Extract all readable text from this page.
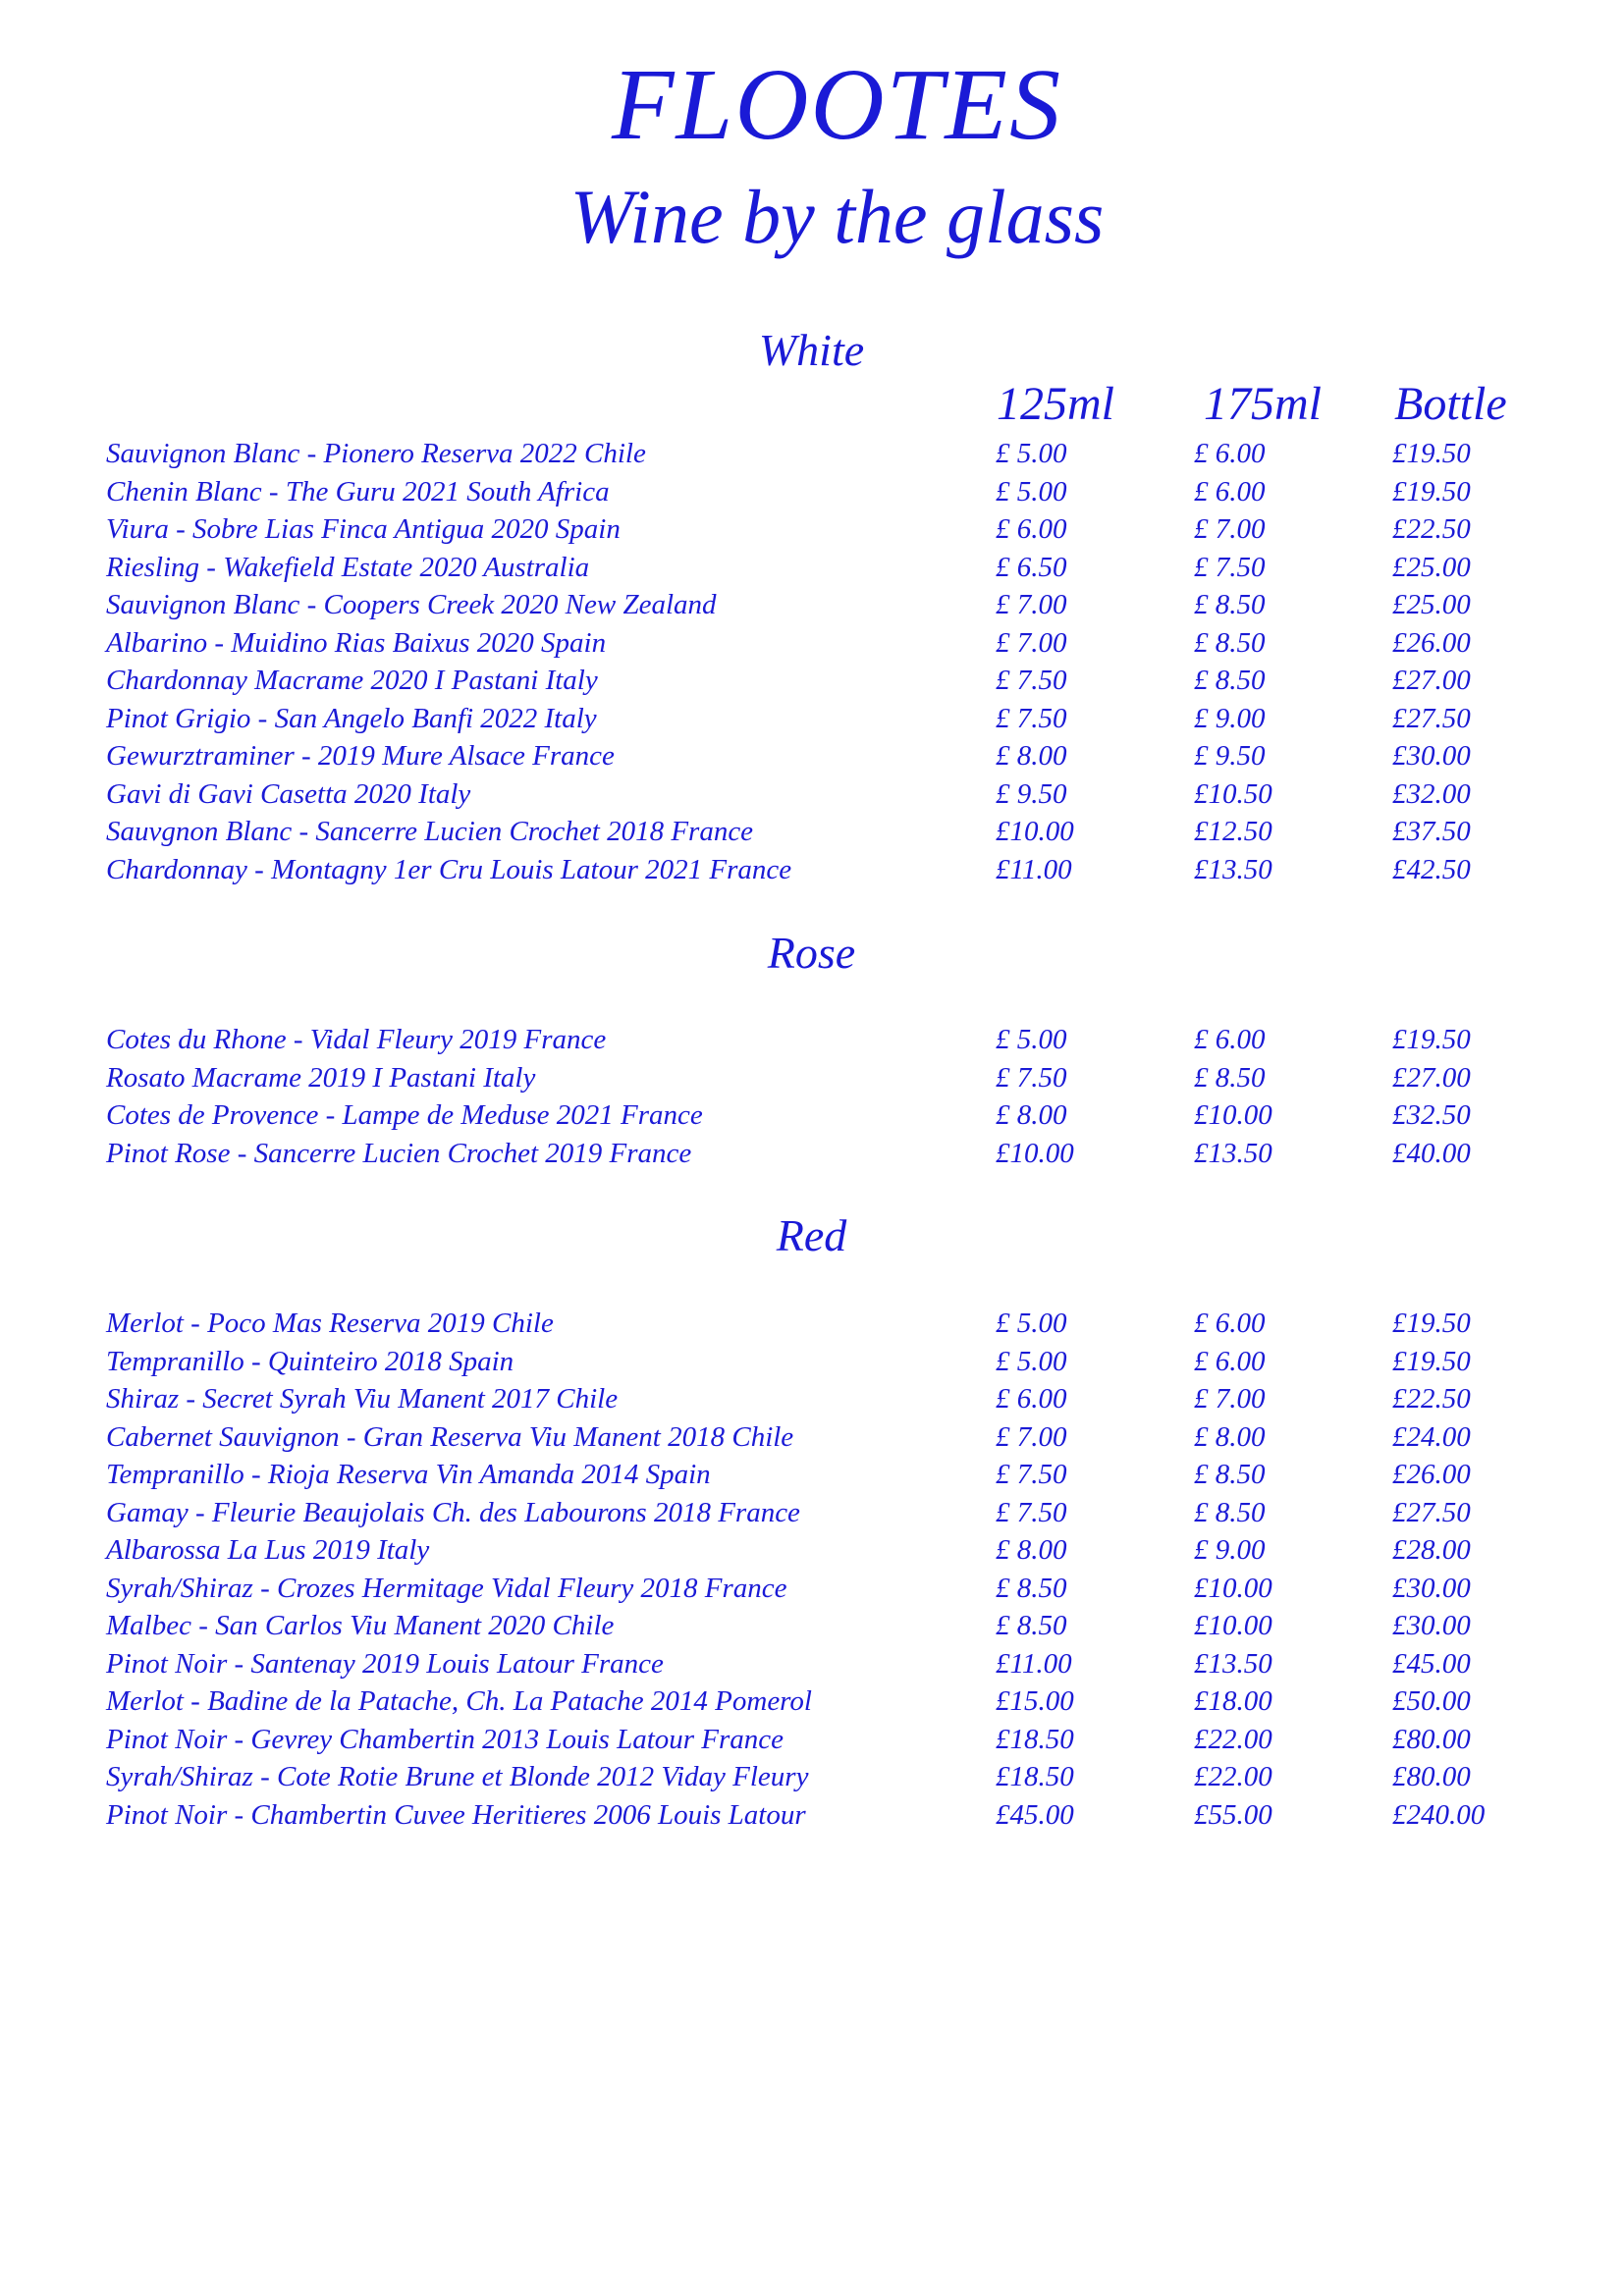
FLOOTES
Wine by the glass
White
125ml 175ml Bottle
Sauvignon Blanc - Pionero Reserva 2022 Chile	£ 5.00	£ 6.00	£19.50
Chenin Blanc - The Guru 2021 South Africa	£ 5.00	£ 6.00	£19.50
Viura - Sobre Lias Finca Antigua 2020 Spain	£ 6.00	£ 7.00	£22.50
Riesling - Wakefield Estate 2020 Australia	£ 6.50	£ 7.50	£25.00
Sauvignon Blanc - Coopers Creek 2020 New Zealand	£ 7.00	£ 8.50	£25.00
Albarino - Muidino Rias Baixus 2020 Spain	£ 7.00	£ 8.50	£26.00
Chardonnay Macrame 2020 I Pastani Italy	£ 7.50	£ 8.50	£27.00
Pinot Grigio - San Angelo Banfi 2022 Italy	£ 7.50	£ 9.00	£27.50
Gewurztraminer - 2019 Mure Alsace France	£ 8.00	£ 9.50	£30.00
Gavi di Gavi Casetta 2020 Italy	£ 9.50	£10.50	£32.00
Sauvgnon Blanc - Sancerre Lucien Crochet 2018 France	£10.00	£12.50	£37.50
Chardonnay - Montagny 1er Cru Louis Latour 2021 France	£11.00	£13.50	£42.50
Rose
Cotes du Rhone - Vidal Fleury 2019 France	£ 5.00	£ 6.00	£19.50
Rosato Macrame 2019 I Pastani Italy	£ 7.50	£ 8.50	£27.00
Cotes de Provence - Lampe de Meduse 2021 France	£ 8.00	£10.00	£32.50
Pinot Rose - Sancerre Lucien Crochet 2019 France	£10.00	£13.50	£40.00
Red
Merlot - Poco Mas Reserva 2019 Chile	£ 5.00	£ 6.00	£19.50
Tempranillo - Quinteiro 2018 Spain	£ 5.00	£ 6.00	£19.50
Shiraz - Secret Syrah Viu Manent 2017 Chile	£ 6.00	£ 7.00	£22.50
Cabernet Sauvignon - Gran Reserva Viu Manent 2018 Chile	£ 7.00	£ 8.00	£24.00
Tempranillo - Rioja Reserva Vin Amanda 2014 Spain	£ 7.50	£ 8.50	£26.00
Gamay - Fleurie Beaujolais Ch. des Labourons 2018 France	£ 7.50	£ 8.50	£27.50
Albarossa La Lus 2019 Italy	£ 8.00	£ 9.00	£28.00
Syrah/Shiraz - Crozes Hermitage Vidal Fleury 2018 France	£ 8.50	£10.00	£30.00
Malbec - San Carlos Viu Manent 2020 Chile	£ 8.50	£10.00	£30.00
Pinot Noir - Santenay 2019 Louis Latour France	£11.00	£13.50	£45.00
Merlot - Badine de la Patache, Ch. La Patache 2014 Pomerol	£15.00	£18.00	£50.00
Pinot Noir - Gevrey Chambertin 2013 Louis Latour France	£18.50	£22.00	£80.00
Syrah/Shiraz - Cote Rotie Brune et Blonde 2012 Viday Fleury	£18.50	£22.00	£80.00
Pinot Noir - Chambertin Cuvee Heritieres 2006 Louis Latour	£45.00	£55.00	£240.00
